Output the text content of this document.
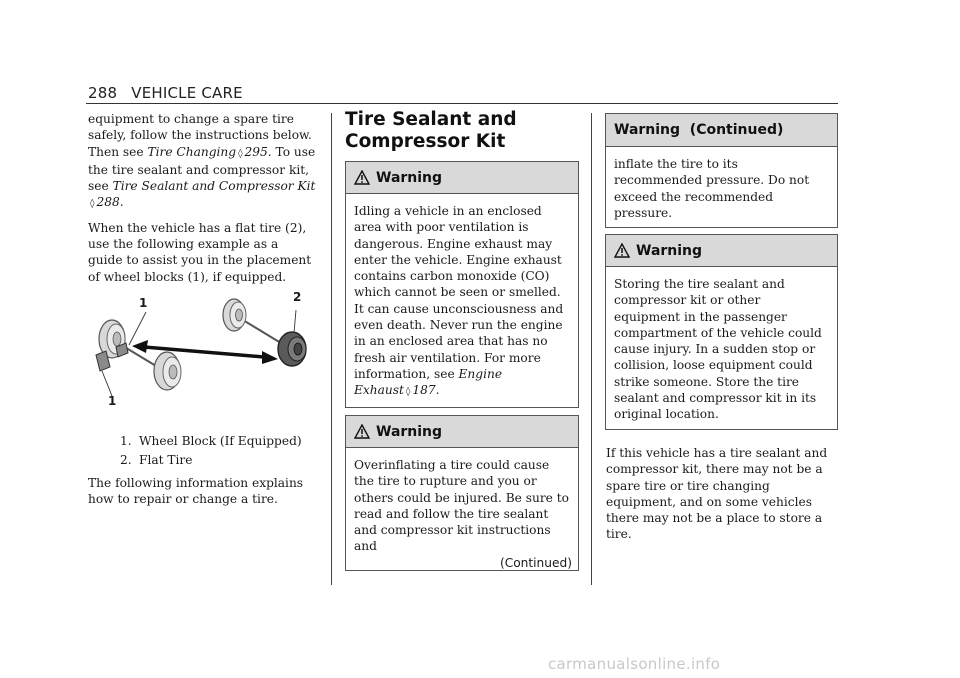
288 VEHICLE CARE

equipment to change a spare tire safely, follow the instructions below. Then see Tire Changing ◊ 295. To use the tire sealant and compressor kit, see Tire Sealant and Compressor Kit
◊ 288.

When the vehicle has a flat tire (2), use the following example as a guide to assist you in the placement of wheel blocks (1), if equipped.

1	2
1
1. Wheel Block (If Equipped)
2. Flat Tire

The following information explains how to repair or change a tire.

Tire Sealant and
Compressor Kit
Warning
Idling a vehicle in an enclosed area with poor ventilation is dangerous. Engine exhaust may enter the vehicle. Engine exhaust contains carbon monoxide (CO) which cannot be seen or smelled. It can cause unconsciousness and even death. Never run the engine in an enclosed area that has no fresh air ventilation. For more information, see Engine Exhaust ◊ 187.
Warning
Overinflating a tire could cause the tire to rupture and you or others could be injured. Be sure to read and follow the tire sealant and compressor kit instructions and
(Continued)
Warning  (Continued)
inflate the tire to its recommended pressure. Do not exceed the recommended pressure.
Warning
Storing the tire sealant and compressor kit or other equipment in the passenger compartment of the vehicle could cause injury. In a sudden stop or collision, loose equipment could strike someone. Store the tire sealant and compressor kit in its original location.

If this vehicle has a tire sealant and compressor kit, there may not be a spare tire or tire changing equipment, and on some vehicles there may not be a place to store a tire.

carmanualsonline.info
